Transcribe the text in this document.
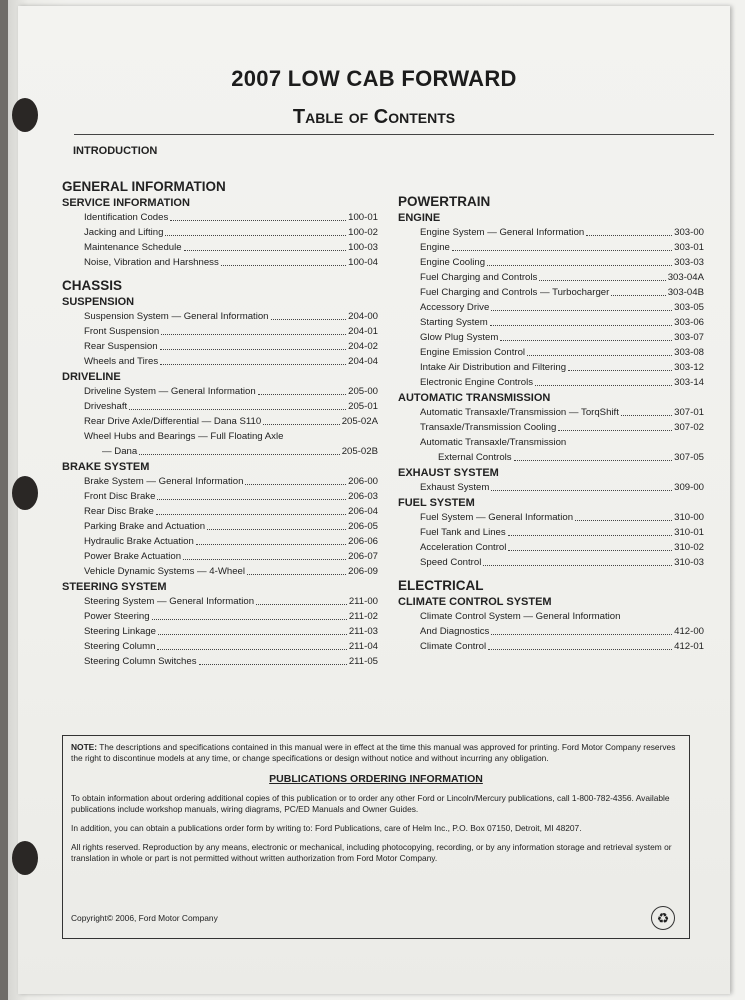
2007 LOW CAB FORWARD
Table of Contents
INTRODUCTION
GENERAL INFORMATION
SERVICE INFORMATION
Identification Codes	100-01
Jacking and Lifting	100-02
Maintenance Schedule	100-03
Noise, Vibration and Harshness	100-04
CHASSIS
SUSPENSION
Suspension System — General Information	204-00
Front Suspension	204-01
Rear Suspension	204-02
Wheels and Tires	204-04
DRIVELINE
Driveline System — General Information	205-00
Driveshaft	205-01
Rear Drive Axle/Differential — Dana S110	205-02A
Wheel Hubs and Bearings — Full Floating Axle
— Dana	205-02B
BRAKE SYSTEM
Brake System — General Information	206-00
Front Disc Brake	206-03
Rear Disc Brake	206-04
Parking Brake and Actuation	206-05
Hydraulic Brake Actuation	206-06
Power Brake Actuation	206-07
Vehicle Dynamic Systems — 4-Wheel	206-09
STEERING SYSTEM
Steering System — General Information	211-00
Power Steering	211-02
Steering Linkage	211-03
Steering Column	211-04
Steering Column Switches	211-05
POWERTRAIN
ENGINE
Engine System — General Information	303-00
Engine	303-01
Engine Cooling	303-03
Fuel Charging and Controls	303-04A
Fuel Charging and Controls — Turbocharger	303-04B
Accessory Drive	303-05
Starting System	303-06
Glow Plug System	303-07
Engine Emission Control	303-08
Intake Air Distribution and Filtering	303-12
Electronic Engine Controls	303-14
AUTOMATIC TRANSMISSION
Automatic Transaxle/Transmission — TorqShift	307-01
Transaxle/Transmission Cooling	307-02
Automatic Transaxle/Transmission
External Controls	307-05
EXHAUST SYSTEM
Exhaust System	309-00
FUEL SYSTEM
Fuel System — General Information	310-00
Fuel Tank and Lines	310-01
Acceleration Control	310-02
Speed Control	310-03
ELECTRICAL
CLIMATE CONTROL SYSTEM
Climate Control System — General Information
And Diagnostics	412-00
Climate Control	412-01

NOTE: The descriptions and specifications contained in this manual were in effect at the time this manual was approved for printing. Ford Motor Company reserves the right to discontinue models at any time, or change specifications or design without notice and without incurring any obligation.

PUBLICATIONS ORDERING INFORMATION

To obtain information about ordering additional copies of this publication or to order any other Ford or Lincoln/Mercury publications, call 1-800-782-4356. Available publications include workshop manuals, wiring diagrams, PC/ED Manuals and Owner Guides.

In addition, you can obtain a publications order form by writing to: Ford Publications, care of Helm Inc., P.O. Box 07150, Detroit, MI 48207.

All rights reserved. Reproduction by any means, electronic or mechanical, including photocopying, recording, or by any information storage and retrieval system or translation in whole or part is not permitted without written authorization from Ford Motor Company.

Copyright© 2006, Ford Motor Company	♻
